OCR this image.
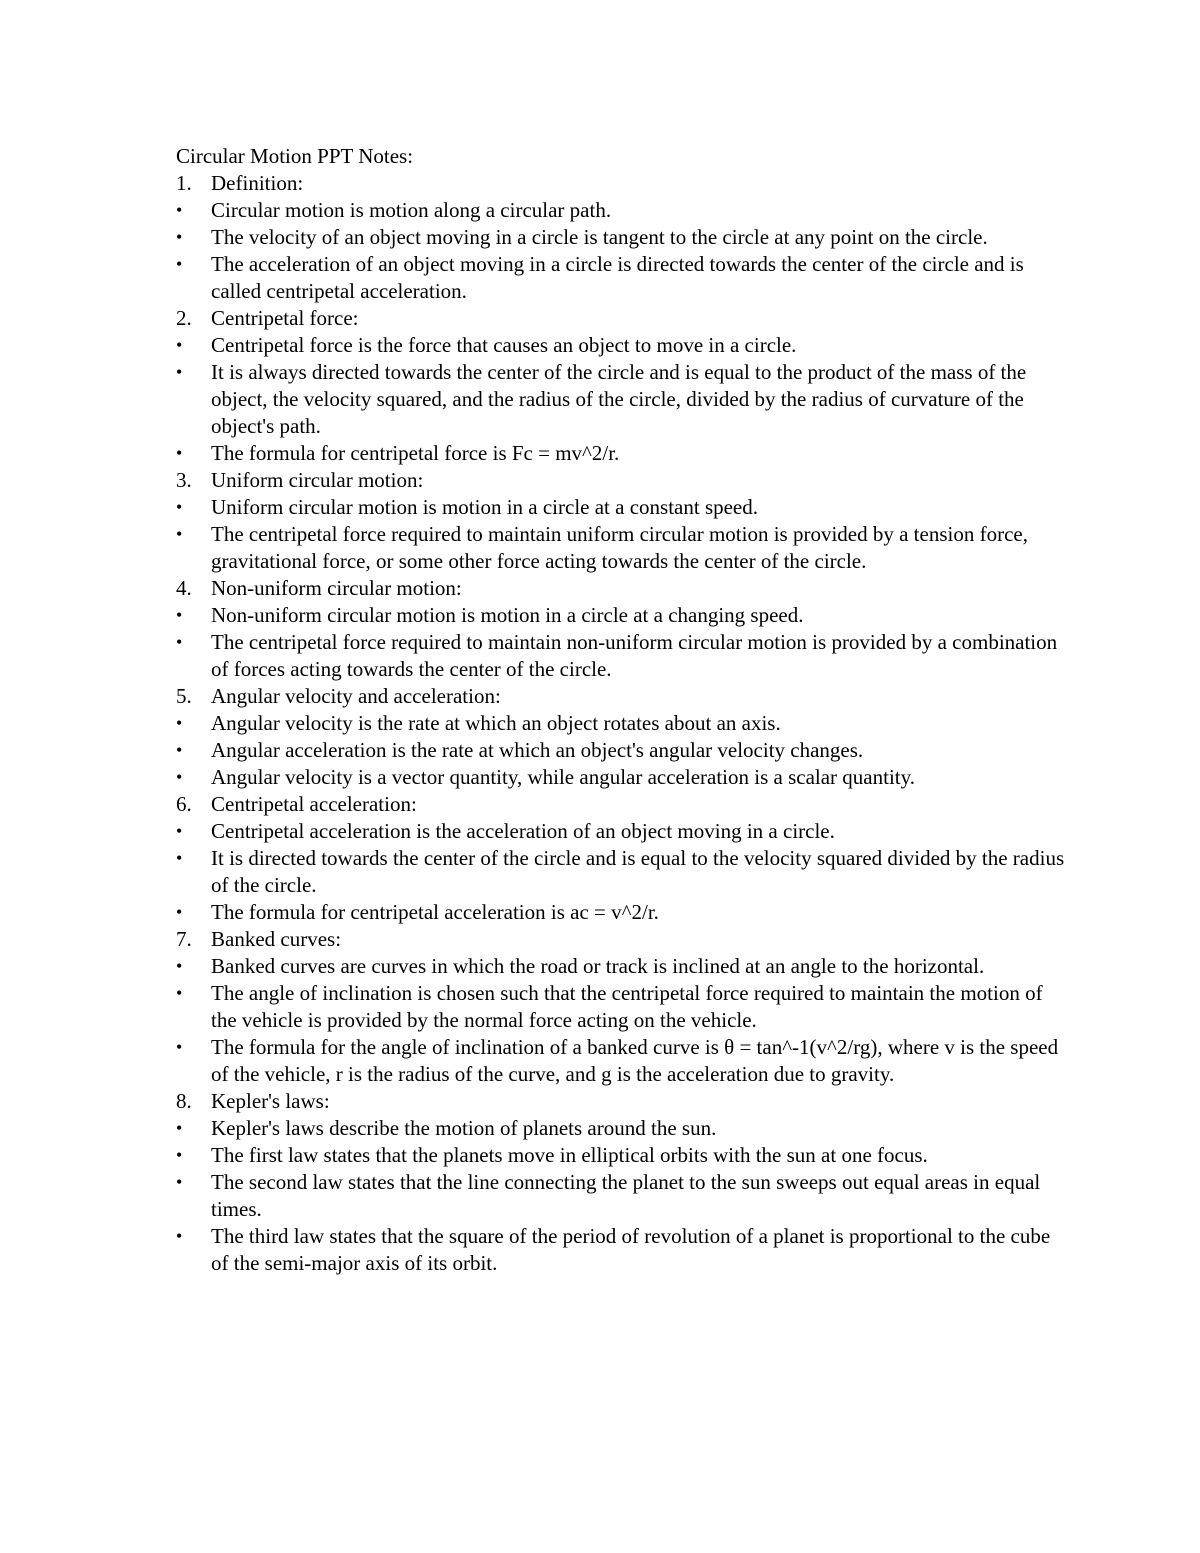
Circular Motion PPT Notes:
1. Definition:
•	Circular motion is motion along a circular path.
•	The velocity of an object moving in a circle is tangent to the circle at any point on the circle.
•	The acceleration of an object moving in a circle is directed towards the center of the circle and is called centripetal acceleration.
2. Centripetal force:
•	Centripetal force is the force that causes an object to move in a circle.
•	It is always directed towards the center of the circle and is equal to the product of the mass of the object, the velocity squared, and the radius of the circle, divided by the radius of curvature of the object's path.
•	The formula for centripetal force is Fc = mv^2/r.
3. Uniform circular motion:
•	Uniform circular motion is motion in a circle at a constant speed.
•	The centripetal force required to maintain uniform circular motion is provided by a tension force, gravitational force, or some other force acting towards the center of the circle.
4. Non-uniform circular motion:
•	Non-uniform circular motion is motion in a circle at a changing speed.
•	The centripetal force required to maintain non-uniform circular motion is provided by a combination of forces acting towards the center of the circle.
5. Angular velocity and acceleration:
•	Angular velocity is the rate at which an object rotates about an axis.
•	Angular acceleration is the rate at which an object's angular velocity changes.
•	Angular velocity is a vector quantity, while angular acceleration is a scalar quantity.
6. Centripetal acceleration:
•	Centripetal acceleration is the acceleration of an object moving in a circle.
•	It is directed towards the center of the circle and is equal to the velocity squared divided by the radius of the circle.
•	The formula for centripetal acceleration is ac = v^2/r.
7. Banked curves:
•	Banked curves are curves in which the road or track is inclined at an angle to the horizontal.
•	The angle of inclination is chosen such that the centripetal force required to maintain the motion of the vehicle is provided by the normal force acting on the vehicle.
•	The formula for the angle of inclination of a banked curve is θ = tan^-1(v^2/rg), where v is the speed of the vehicle, r is the radius of the curve, and g is the acceleration due to gravity.
8. Kepler's laws:
•	Kepler's laws describe the motion of planets around the sun.
•	The first law states that the planets move in elliptical orbits with the sun at one focus.
•	The second law states that the line connecting the planet to the sun sweeps out equal areas in equal times.
•	The third law states that the square of the period of revolution of a planet is proportional to the cube of the semi-major axis of its orbit.
